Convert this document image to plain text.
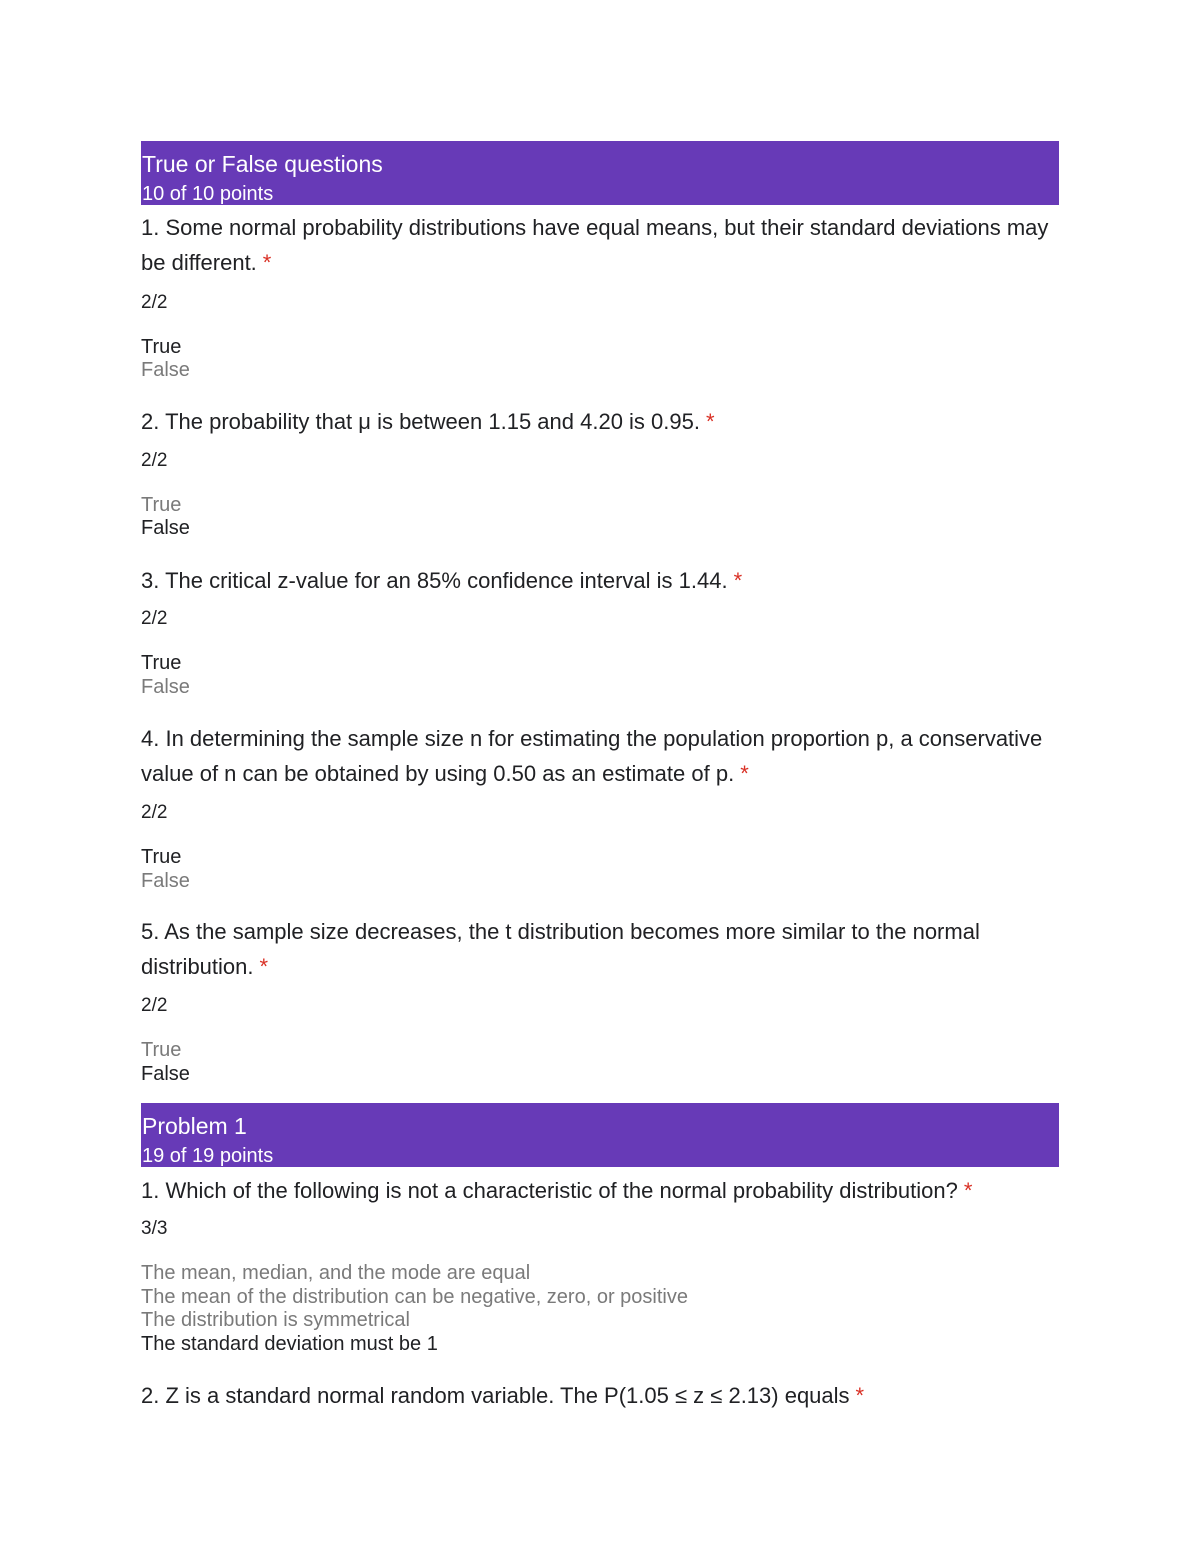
True or False questions
10 of 10 points
1. Some normal probability distributions have equal means, but their standard deviations may be different. *
2/2
True
False
2. The probability that μ is between 1.15 and 4.20 is 0.95. *
2/2
True
False
3. The critical z-value for an 85% confidence interval is 1.44. *
2/2
True
False
4. In determining the sample size n for estimating the population proportion p, a conservative value of n can be obtained by using 0.50 as an estimate of p. *
2/2
True
False
5. As the sample size decreases, the t distribution becomes more similar to the normal distribution. *
2/2
True
False
Problem 1
19 of 19 points
1. Which of the following is not a characteristic of the normal probability distribution? *
3/3
The mean, median, and the mode are equal
The mean of the distribution can be negative, zero, or positive
The distribution is symmetrical
The standard deviation must be 1
2. Z is a standard normal random variable. The P(1.05 ≤ z ≤ 2.13) equals *
